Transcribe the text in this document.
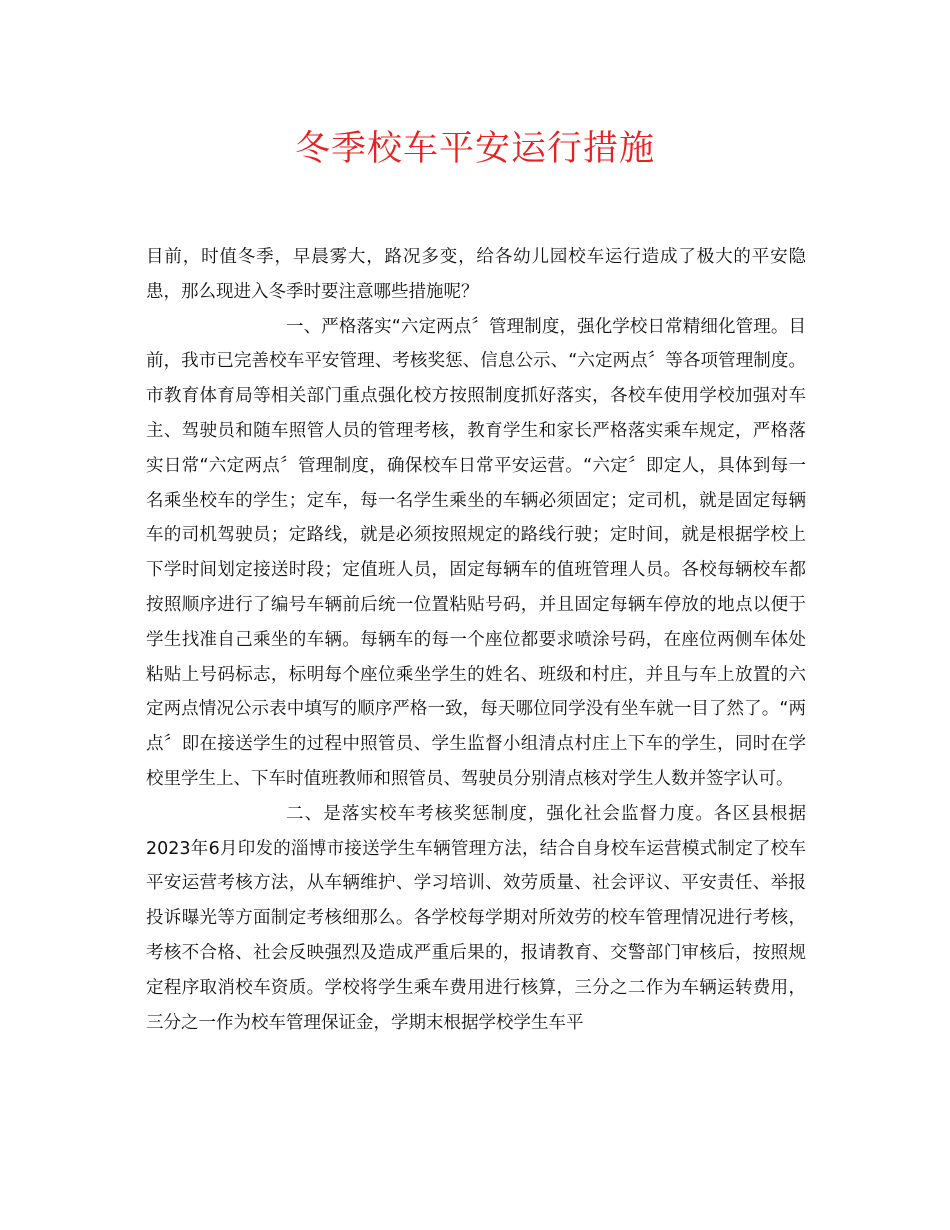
冬季校车平安运行措施

目前，时值冬季，早晨雾大，路况多变，给各幼儿园校车运行造成了极大的平安隐患，那么现进入冬季时要注意哪些措施呢？

一、严格落实“六定两点〞管理制度，强化学校日常精细化管理。目前，我市已完善校车平安管理、考核奖惩、信息公示、“六定两点〞等各项管理制度。市教育体育局等相关部门重点强化校方按照制度抓好落实，各校车使用学校加强对车主、驾驶员和随车照管人员的管理考核，教育学生和家长严格落实乘车规定，严格落实日常“六定两点〞管理制度，确保校车日常平安运营。“六定〞即定人，具体到每一名乘坐校车的学生；定车，每一名学生乘坐的车辆必须固定；定司机，就是固定每辆车的司机驾驶员；定路线，就是必须按照规定的路线行驶；定时间，就是根据学校上下学时间划定接送时段；定值班人员，固定每辆车的值班管理人员。各校每辆校车都按照顺序进行了编号车辆前后统一位置粘贴号码，并且固定每辆车停放的地点以便于学生找准自己乘坐的车辆。每辆车的每一个座位都要求喷涂号码，在座位两侧车体处粘贴上号码标志，标明每个座位乘坐学生的姓名、班级和村庄，并且与车上放置的六定两点情况公示表中填写的顺序严格一致，每天哪位同学没有坐车就一目了然了。“两点〞即在接送学生的过程中照管员、学生监督小组清点村庄上下车的学生，同时在学校里学生上、下车时值班教师和照管员、驾驶员分别清点核对学生人数并签字认可。

二、是落实校车考核奖惩制度，强化社会监督力度。各区县根据2023年6月印发的淄博市接送学生车辆管理方法，结合自身校车运营模式制定了校车平安运营考核方法，从车辆维护、学习培训、效劳质量、社会评议、平安责任、举报投诉曝光等方面制定考核细那么。各学校每学期对所效劳的校车管理情况进行考核，考核不合格、社会反映强烈及造成严重后果的，报请教育、交警部门审核后，按照规定程序取消校车资质。学校将学生乘车费用进行核算，三分之二作为车辆运转费用，三分之一作为校车管理保证金，学期末根据学校学生车平
